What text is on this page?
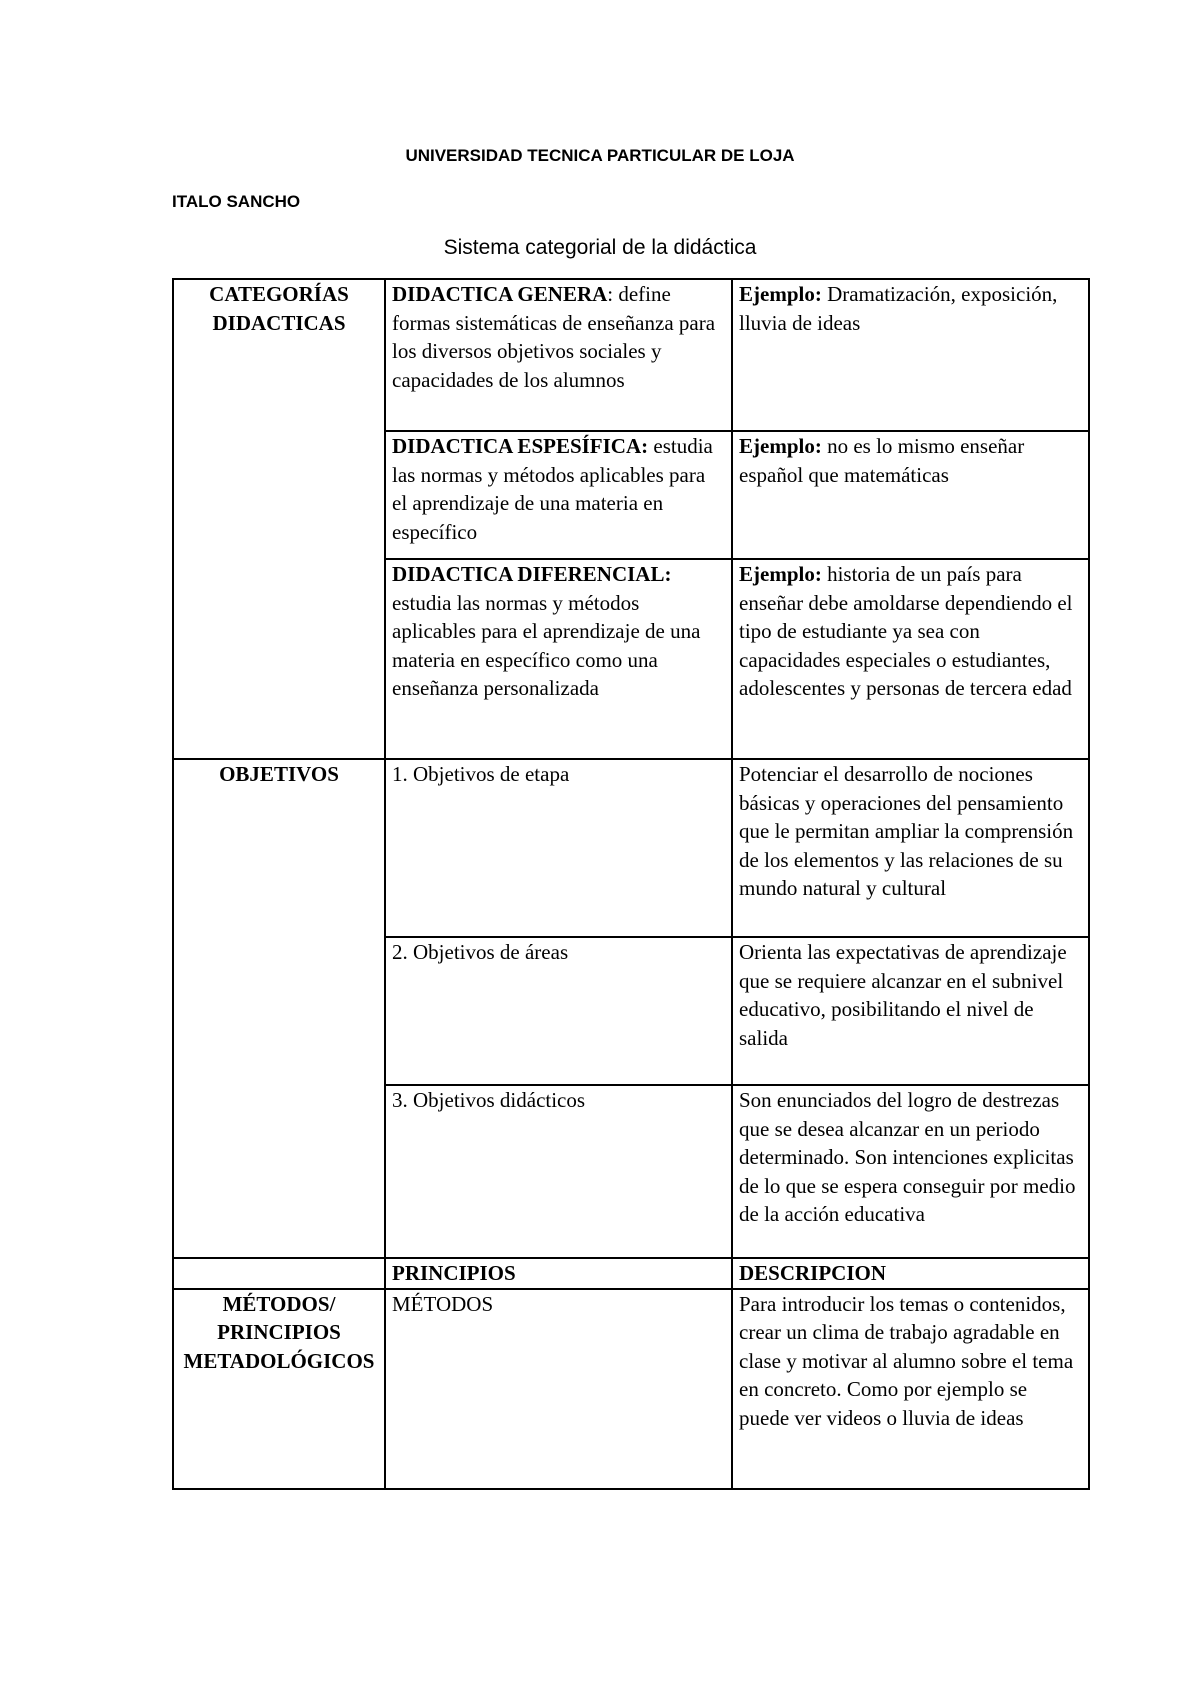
UNIVERSIDAD TECNICA PARTICULAR DE LOJA
ITALO SANCHO
Sistema categorial de la didáctica
CATEGORÍAS
DIDACTICAS	DIDACTICA GENERA: define formas sistemáticas de enseñanza para los diversos objetivos sociales y capacidades de los alumnos	Ejemplo: Dramatización, exposición, lluvia de ideas
	DIDACTICA ESPESÍFICA: estudia las normas y métodos aplicables para el aprendizaje de una materia en específico	Ejemplo: no es lo mismo enseñar español que matemáticas
	DIDACTICA DIFERENCIAL: estudia las normas y métodos aplicables para el aprendizaje de una materia en específico como una enseñanza personalizada	Ejemplo: historia de un país para enseñar debe amoldarse dependiendo el tipo de estudiante ya sea con capacidades especiales o estudiantes, adolescentes y personas de tercera edad
OBJETIVOS	1. Objetivos de etapa	Potenciar el desarrollo de nociones básicas y operaciones del pensamiento que le permitan ampliar la comprensión de los elementos y las relaciones de su mundo natural y cultural
	2. Objetivos de áreas	Orienta las expectativas de aprendizaje que se requiere alcanzar en el subnivel educativo, posibilitando el nivel de salida
	3. Objetivos didácticos	Son enunciados del logro de destrezas que se desea alcanzar en un periodo determinado. Son intenciones explicitas de lo que se espera conseguir por medio de la acción educativa
	PRINCIPIOS	DESCRIPCION
MÉTODOS/
PRINCIPIOS
METADOLÓGICOS	MÉTODOS	Para introducir los temas o contenidos, crear un clima de trabajo agradable en clase y motivar al alumno sobre el tema en concreto. Como por ejemplo se puede ver videos o lluvia de ideas
